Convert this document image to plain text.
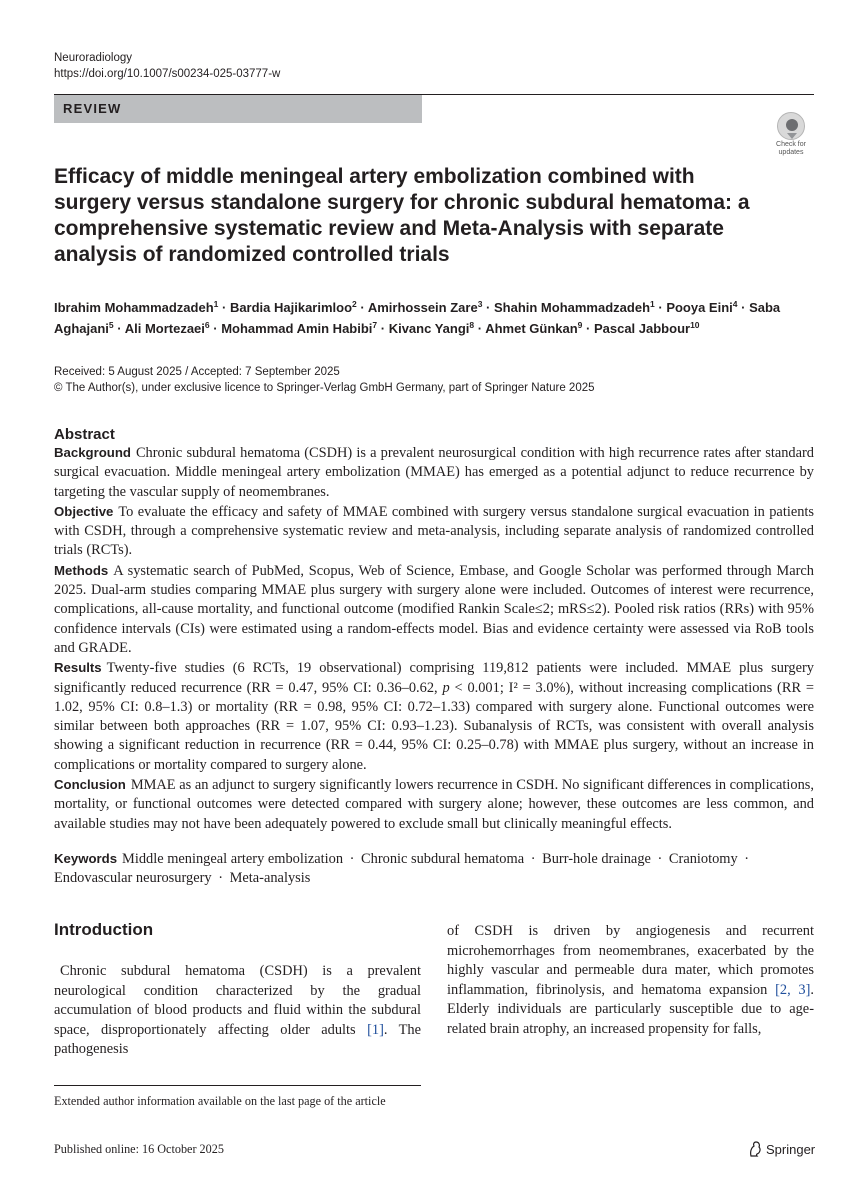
Neuroradiology
https://doi.org/10.1007/s00234-025-03777-w
REVIEW
Check for
updates
Efficacy of middle meningeal artery embolization combined with surgery versus standalone surgery for chronic subdural hematoma: a comprehensive systematic review and Meta-Analysis with separate analysis of randomized controlled trials
Ibrahim Mohammadzadeh$^1$ · Bardia Hajikarimloo$^2$ · Amirhossein Zare$^3$ · Shahin Mohammadzadeh$^1$ · Pooya Eini$^4$ · Saba Aghajani$^5$ · Ali Mortezaei$^6$ · Mohammad Amin Habibi$^7$ · Kivanc Yangi$^8$ · Ahmet Günkan$^9$ · Pascal Jabbour$^{10}$
Received: 5 August 2025 / Accepted: 7 September 2025
© The Author(s), under exclusive licence to Springer-Verlag GmbH Germany, part of Springer Nature 2025
Abstract

Background Chronic subdural hematoma (CSDH) is a prevalent neurosurgical condition with high recurrence rates after standard surgical evacuation. Middle meningeal artery embolization (MMAE) has emerged as a potential adjunct to reduce recurrence by targeting the vascular supply of neomembranes.

Objective To evaluate the efficacy and safety of MMAE combined with surgery versus standalone surgical evacuation in patients with CSDH, through a comprehensive systematic review and meta-analysis, including separate analysis of randomized controlled trials (RCTs).

Methods A systematic search of PubMed, Scopus, Web of Science, Embase, and Google Scholar was performed through March 2025. Dual-arm studies comparing MMAE plus surgery with surgery alone were included. Outcomes of interest were recurrence, complications, all-cause mortality, and functional outcome (modified Rankin Scale≤2; mRS≤2). Pooled risk ratios (RRs) with 95% confidence intervals (CIs) were estimated using a random-effects model. Bias and evidence certainty were assessed via RoB tools and GRADE.

Results Twenty-five studies (6 RCTs, 19 observational) comprising 119,812 patients were included. MMAE plus surgery significantly reduced recurrence (RR = 0.47, 95% CI: 0.36–0.62, p < 0.001; I² = 3.0%), without increasing complications (RR = 1.02, 95% CI: 0.8–1.3) or mortality (RR = 0.98, 95% CI: 0.72–1.33) compared with surgery alone. Functional outcomes were similar between both approaches (RR = 1.07, 95% CI: 0.93–1.23). Subanalysis of RCTs, was consistent with overall analysis showing a significant reduction in recurrence (RR = 0.44, 95% CI: 0.25–0.78) with MMAE plus surgery, without an increase in complications or mortality compared to surgery alone.

Conclusion MMAE as an adjunct to surgery significantly lowers recurrence in CSDH. No significant differences in complications, mortality, or functional outcomes were detected compared with surgery alone; however, these outcomes are less common, and available studies may not have been adequately powered to exclude small but clinically meaningful effects.

Keywords Middle meningeal artery embolization · Chronic subdural hematoma · Burr-hole drainage · Craniotomy · Endovascular neurosurgery · Meta-analysis
Introduction
Chronic subdural hematoma (CSDH) is a prevalent neurological condition characterized by the gradual accumulation of blood products and fluid within the subdural space, disproportionately affecting older adults [1]. The pathogenesis
of CSDH is driven by angiogenesis and recurrent microhemorrhages from neomembranes, exacerbated by the highly vascular and permeable dura mater, which promotes inflammation, fibrinolysis, and hematoma expansion [2, 3]. Elderly individuals are particularly susceptible due to age-related brain atrophy, an increased propensity for falls,
Extended author information available on the last page of the article
Published online: 16 October 2025	Springer
